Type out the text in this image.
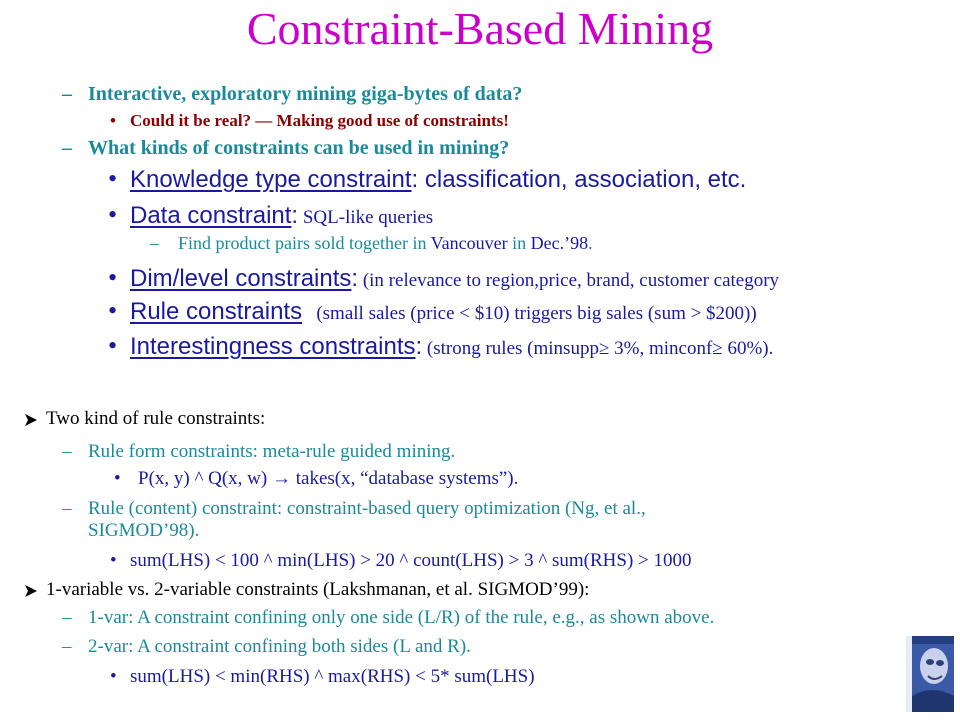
Constraint-Based Mining
– Interactive, exploratory mining giga-bytes of data?
• Could it be real? — Making good use of constraints!
– What kinds of constraints can be used in mining?
• Knowledge type constraint: classification, association, etc.
• Data constraint: SQL-like queries
– Find product pairs sold together in Vancouver in Dec.’98.
• Dim/level constraints: (in relevance to region,price, brand, customer category
• Rule constraints   (small sales (price < $10) triggers big sales (sum > $200))
• Interestingness constraints: (strong rules (minsupp≥ 3%, minconf≥ 60%).
Two kind of rule constraints:
– Rule form constraints: meta-rule guided mining.
• P(x, y) ^ Q(x, w) → takes(x, “database systems”).
– Rule (content) constraint: constraint-based query optimization (Ng, et al.,
SIGMOD’98).
• sum(LHS) < 100 ^ min(LHS) > 20 ^ count(LHS) > 3 ^ sum(RHS) > 1000
1-variable vs. 2-variable constraints (Lakshmanan, et al. SIGMOD’99):
– 1-var: A constraint confining only one side (L/R) of the rule, e.g., as shown above.
– 2-var: A constraint confining both sides (L and R).
• sum(LHS) < min(RHS) ^ max(RHS) < 5* sum(LHS)
